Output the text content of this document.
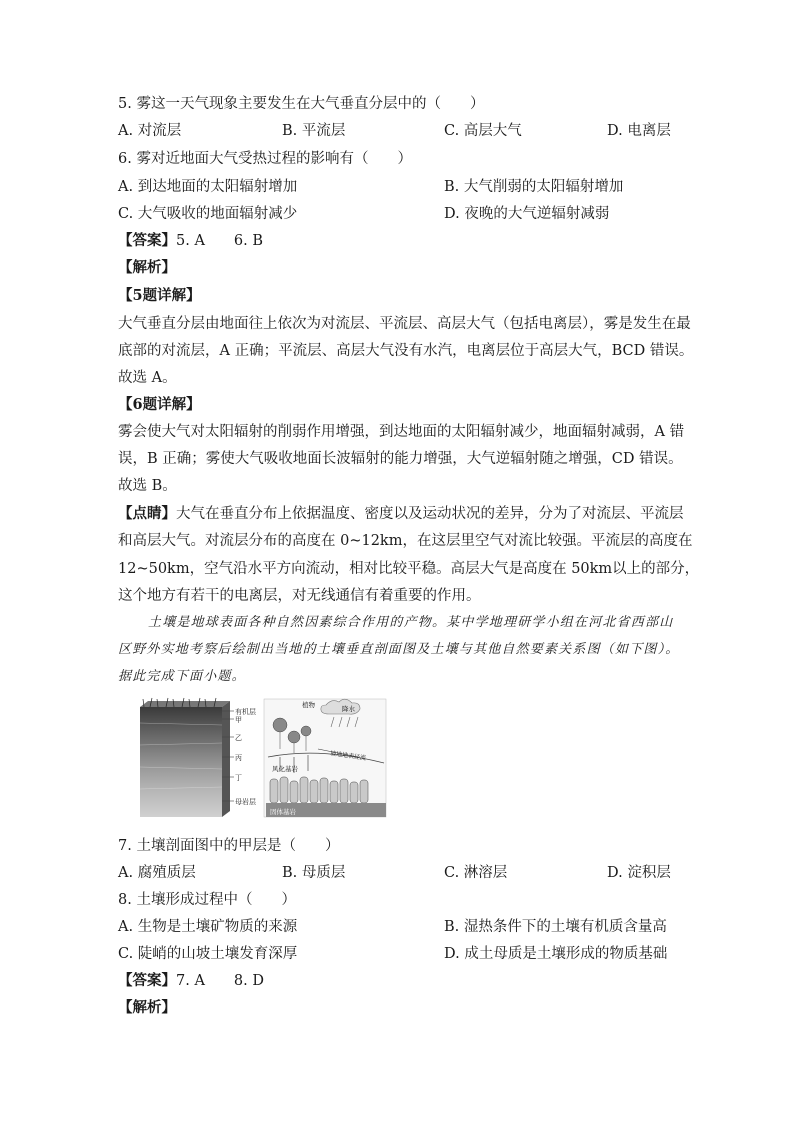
5. 雾这一天气现象主要发生在大气垂直分层中的（　　）
A. 对流层	B. 平流层	C. 高层大气	D. 电离层
6. 雾对近地面大气受热过程的影响有（　　）
A. 到达地面的太阳辐射增加	B. 大气削弱的太阳辐射增加
C. 大气吸收的地面辐射减少	D. 夜晚的大气逆辐射减弱
【答案】5. A　　6. B
【解析】
【5题详解】
大气垂直分层由地面往上依次为对流层、平流层、高层大气（包括电离层），雾是发生在最
底部的对流层，A 正确；平流层、高层大气没有水汽，电离层位于高层大气，BCD 错误。
故选 A。
【6题详解】
雾会使大气对太阳辐射的削弱作用增强，到达地面的太阳辐射减少，地面辐射减弱，A 错
误，B 正确；雾使大气吸收地面长波辐射的能力增强，大气逆辐射随之增强，CD 错误。
故选 B。
【点睛】大气在垂直分布上依据温度、密度以及运动状况的差异，分为了对流层、平流层
和高层大气。对流层分布的高度在 0~12km，在这层里空气对流比较强。平流层的高度在
12~50km，空气沿水平方向流动，相对比较平稳。高层大气是高度在 50km以上的部分，
这个地方有若干的电离层，对无线通信有着重要的作用。
土壤是地球表面各种自然因素综合作用的产物。某中学地理研学小组在河北省西部山
区野外实地考察后绘制出当地的土壤垂直剖面图及土壤与其他自然要素关系图（如下图）。
据此完成下面小题。
有机层
甲
乙
丙
丁
母岩层
植物	降水
坡地地表径流
风化基岩
固体基岩
7. 土壤剖面图中的甲层是（　　）
A. 腐殖质层	B. 母质层	C. 淋溶层	D. 淀积层
8. 土壤形成过程中（　　）
A. 生物是土壤矿物质的来源	B. 湿热条件下的土壤有机质含量高
C. 陡峭的山坡土壤发育深厚	D. 成土母质是土壤形成的物质基础
【答案】7. A　　8. D
【解析】
